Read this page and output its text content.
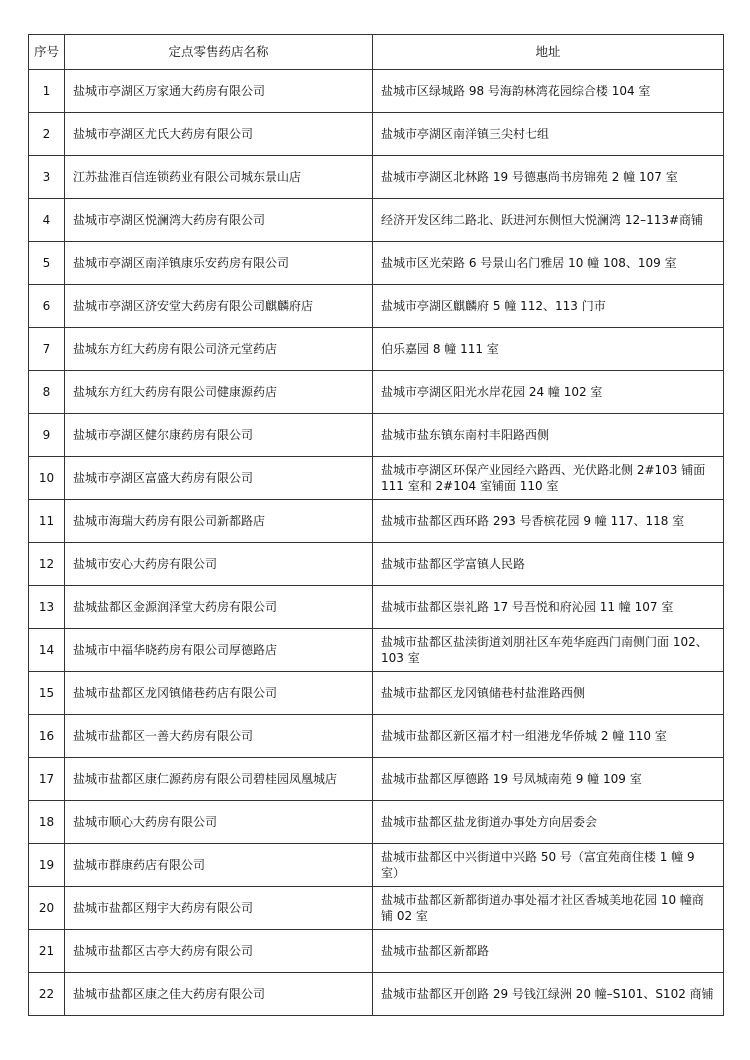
序号	定点零售药店名称	地址
1	盐城市亭湖区万家通大药房有限公司	盐城市区绿城路 98 号海韵林湾花园综合楼 104 室
2	盐城市亭湖区尤氏大药房有限公司	盐城市亭湖区南洋镇三尖村七组
3	江苏盐淮百信连锁药业有限公司城东景山店	盐城市亭湖区北林路 19 号德惠尚书房锦苑 2 幢 107 室
4	盐城市亭湖区悦澜湾大药房有限公司	经济开发区纬二路北、跃进河东侧恒大悦澜湾 12–113#商铺
5	盐城市亭湖区南洋镇康乐安药房有限公司	盐城市区光荣路 6 号景山名门雅居 10 幢 108、109 室
6	盐城市亭湖区济安堂大药房有限公司麒麟府店	盐城市亭湖区麒麟府 5 幢 112、113 门市
7	盐城东方红大药房有限公司济元堂药店	伯乐嘉园 8 幢 111 室
8	盐城东方红大药房有限公司健康源药店	盐城市亭湖区阳光水岸花园 24 幢 102 室
9	盐城市亭湖区健尔康药房有限公司	盐城市盐东镇东南村丰阳路西侧
10	盐城市亭湖区富盛大药房有限公司	盐城市亭湖区环保产业园经六路西、光伏路北侧 2#103 铺面 111 室和 2#104 室铺面 110 室
11	盐城市海瑞大药房有限公司新都路店	盐城市盐都区西环路 293 号香槟花园 9 幢 117、118 室
12	盐城市安心大药房有限公司	盐城市盐都区学富镇人民路
13	盐城盐都区金源润泽堂大药房有限公司	盐城市盐都区崇礼路 17 号吾悦和府沁园 11 幢 107 室
14	盐城市中福华晓药房有限公司厚德路店	盐城市盐都区盐渎街道刘朋社区车苑华庭西门南侧门面 102、103 室
15	盐城市盐都区龙冈镇储巷药店有限公司	盐城市盐都区龙冈镇储巷村盐淮路西侧
16	盐城市盐都区一善大药房有限公司	盐城市盐都区新区福才村一组港龙华侨城 2 幢 110 室
17	盐城市盐都区康仁源药房有限公司碧桂园凤凰城店	盐城市盐都区厚德路 19 号凤城南苑 9 幢 109 室
18	盐城市顺心大药房有限公司	盐城市盐都区盐龙街道办事处方向居委会
19	盐城市群康药店有限公司	盐城市盐都区中兴街道中兴路 50 号（富宜苑商住楼 1 幢 9 室）
20	盐城市盐都区翔宇大药房有限公司	盐城市盐都区新都街道办事处福才社区香城美地花园 10 幢商铺 02 室
21	盐城市盐都区古亭大药房有限公司	盐城市盐都区新都路
22	盐城市盐都区康之佳大药房有限公司	盐城市盐都区开创路 29 号钱江绿洲 20 幢–S101、S102 商铺
